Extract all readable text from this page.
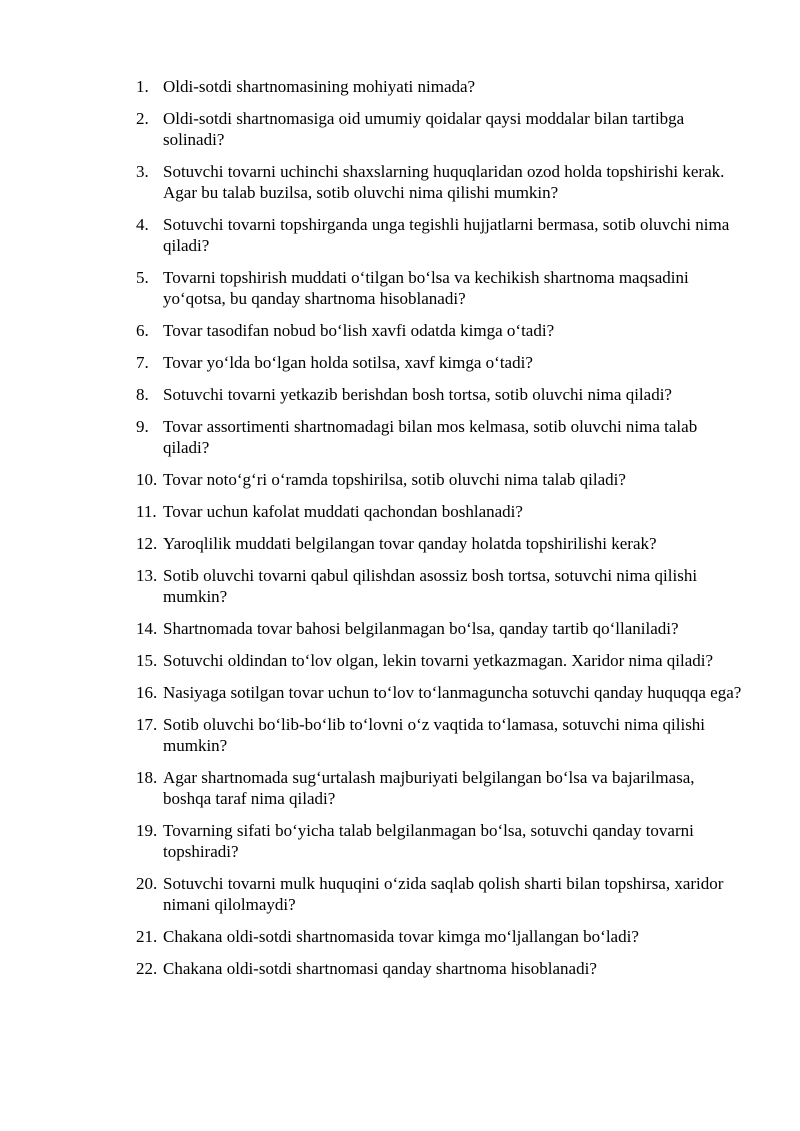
1. Oldi-sotdi shartnomasining mohiyati nimada?
2. Oldi-sotdi shartnomasiga oid umumiy qoidalar qaysi moddalar bilan tartibga solinadi?
3. Sotuvchi tovarni uchinchi shaxslarning huquqlaridan ozod holda topshirishi kerak. Agar bu talab buzilsa, sotib oluvchi nima qilishi mumkin?
4. Sotuvchi tovarni topshirganda unga tegishli hujjatlarni bermasa, sotib oluvchi nima qiladi?
5. Tovarni topshirish muddati o‘tilgan bo‘lsa va kechikish shartnoma maqsadini yo‘qotsa, bu qanday shartnoma hisoblanadi?
6. Tovar tasodifan nobud bo‘lish xavfi odatda kimga o‘tadi?
7. Tovar yo‘lda bo‘lgan holda sotilsa, xavf kimga o‘tadi?
8. Sotuvchi tovarni yetkazib berishdan bosh tortsa, sotib oluvchi nima qiladi?
9. Tovar assortimenti shartnomadagi bilan mos kelmasa, sotib oluvchi nima talab qiladi?
10. Tovar noto‘g‘ri o‘ramda topshirilsa, sotib oluvchi nima talab qiladi?
11. Tovar uchun kafolat muddati qachondan boshlanadi?
12. Yaroqlilik muddati belgilangan tovar qanday holatda topshirilishi kerak?
13. Sotib oluvchi tovarni qabul qilishdan asossiz bosh tortsa, sotuvchi nima qilishi mumkin?
14. Shartnomada tovar bahosi belgilanmagan bo‘lsa, qanday tartib qo‘llaniladi?
15. Sotuvchi oldindan to‘lov olgan, lekin tovarni yetkazmagan. Xaridor nima qiladi?
16. Nasiyaga sotilgan tovar uchun to‘lov to‘lanmaguncha sotuvchi qanday huquqqa ega?
17. Sotib oluvchi bo‘lib-bo‘lib to‘lovni o‘z vaqtida to‘lamasa, sotuvchi nima qilishi mumkin?
18. Agar shartnomada sug‘urtalash majburiyati belgilangan bo‘lsa va bajarilmasa, boshqa taraf nima qiladi?
19. Tovarning sifati bo‘yicha talab belgilanmagan bo‘lsa, sotuvchi qanday tovarni topshiradi?
20. Sotuvchi tovarni mulk huquqini o‘zida saqlab qolish sharti bilan topshirsa, xaridor nimani qilolmaydi?
21. Chakana oldi-sotdi shartnomasida tovar kimga mo‘ljallangan bo‘ladi?
22. Chakana oldi-sotdi shartnomasi qanday shartnoma hisoblanadi?
